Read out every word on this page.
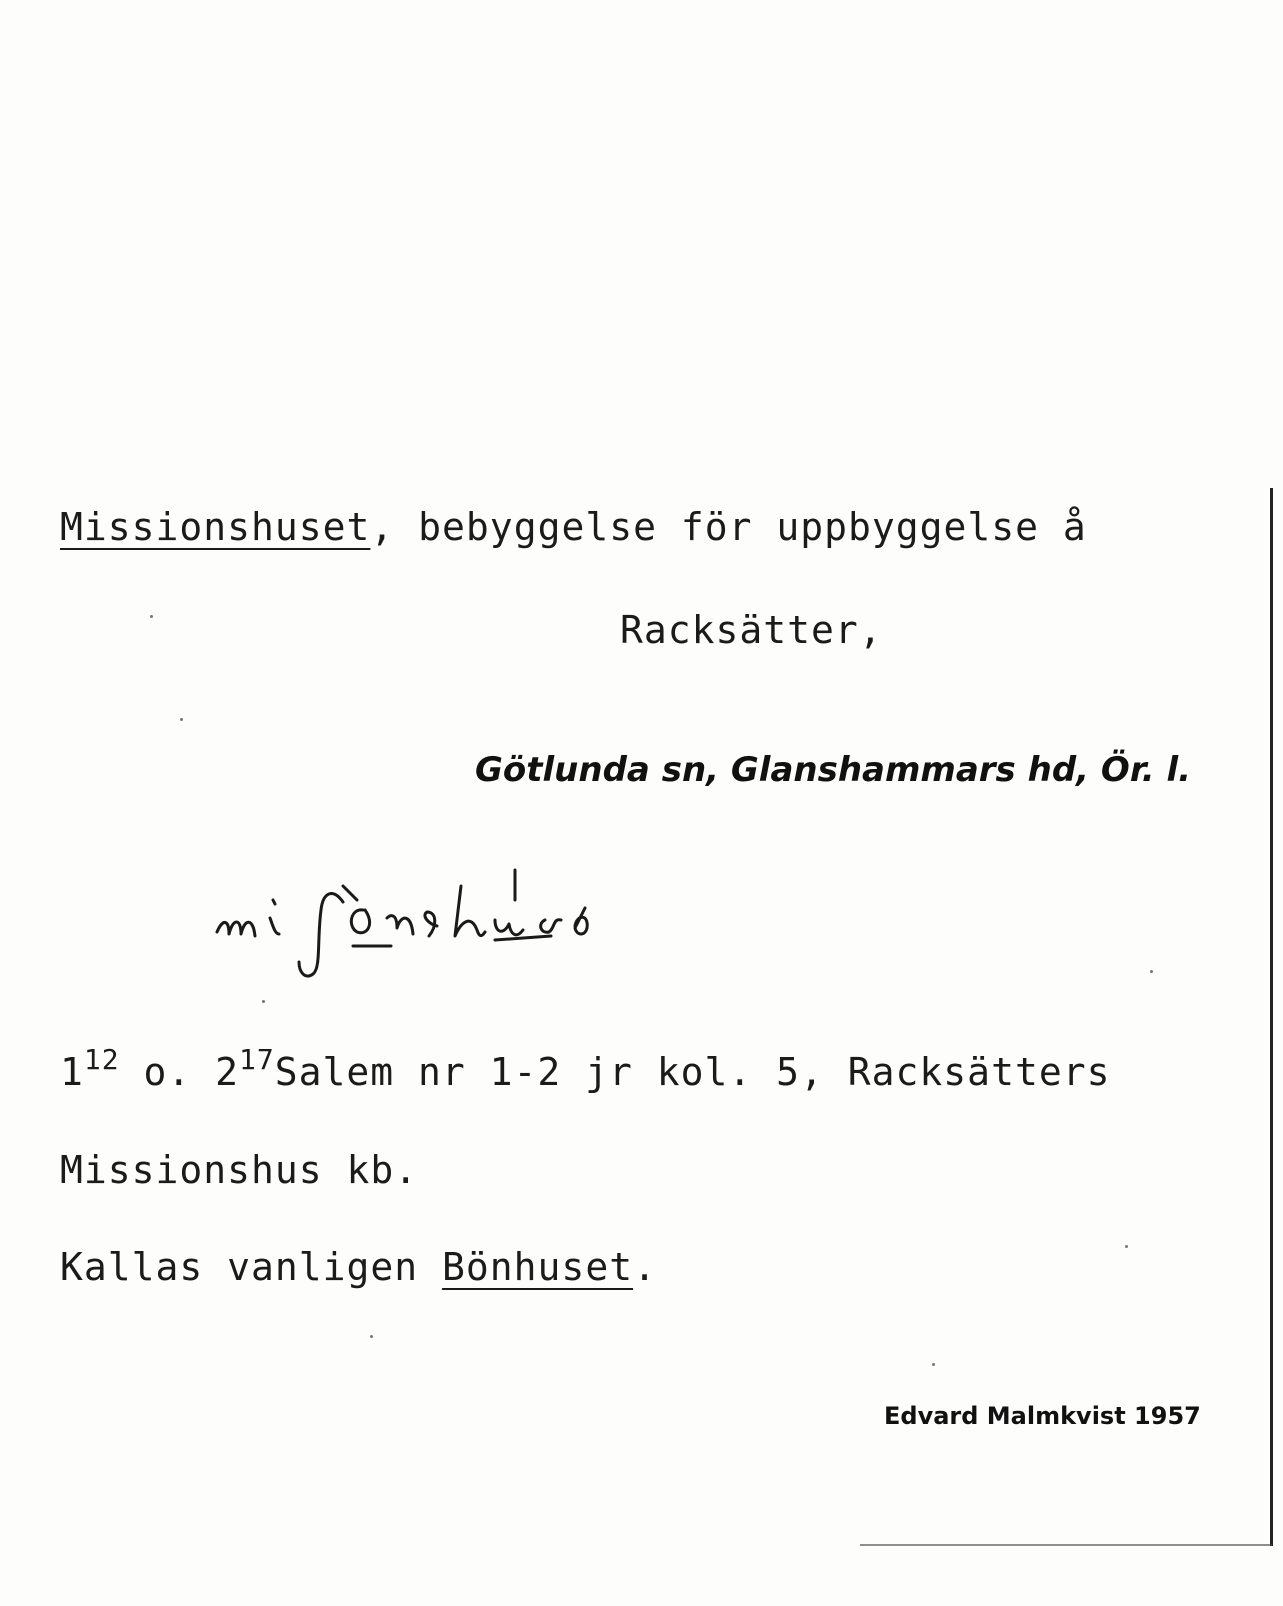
Missionshuset, bebyggelse för uppbyggelse å
Racksätter,
Götlunda sn, Glanshammars hd, Ör. l.
$1^{12}$ o. $2^{17}Salem$ nr 1-2 jr kol. 5, Racksätters
Missionshus kb.
Kallas vanligen Bönhuset.
Edvard Malmkvist 1957
